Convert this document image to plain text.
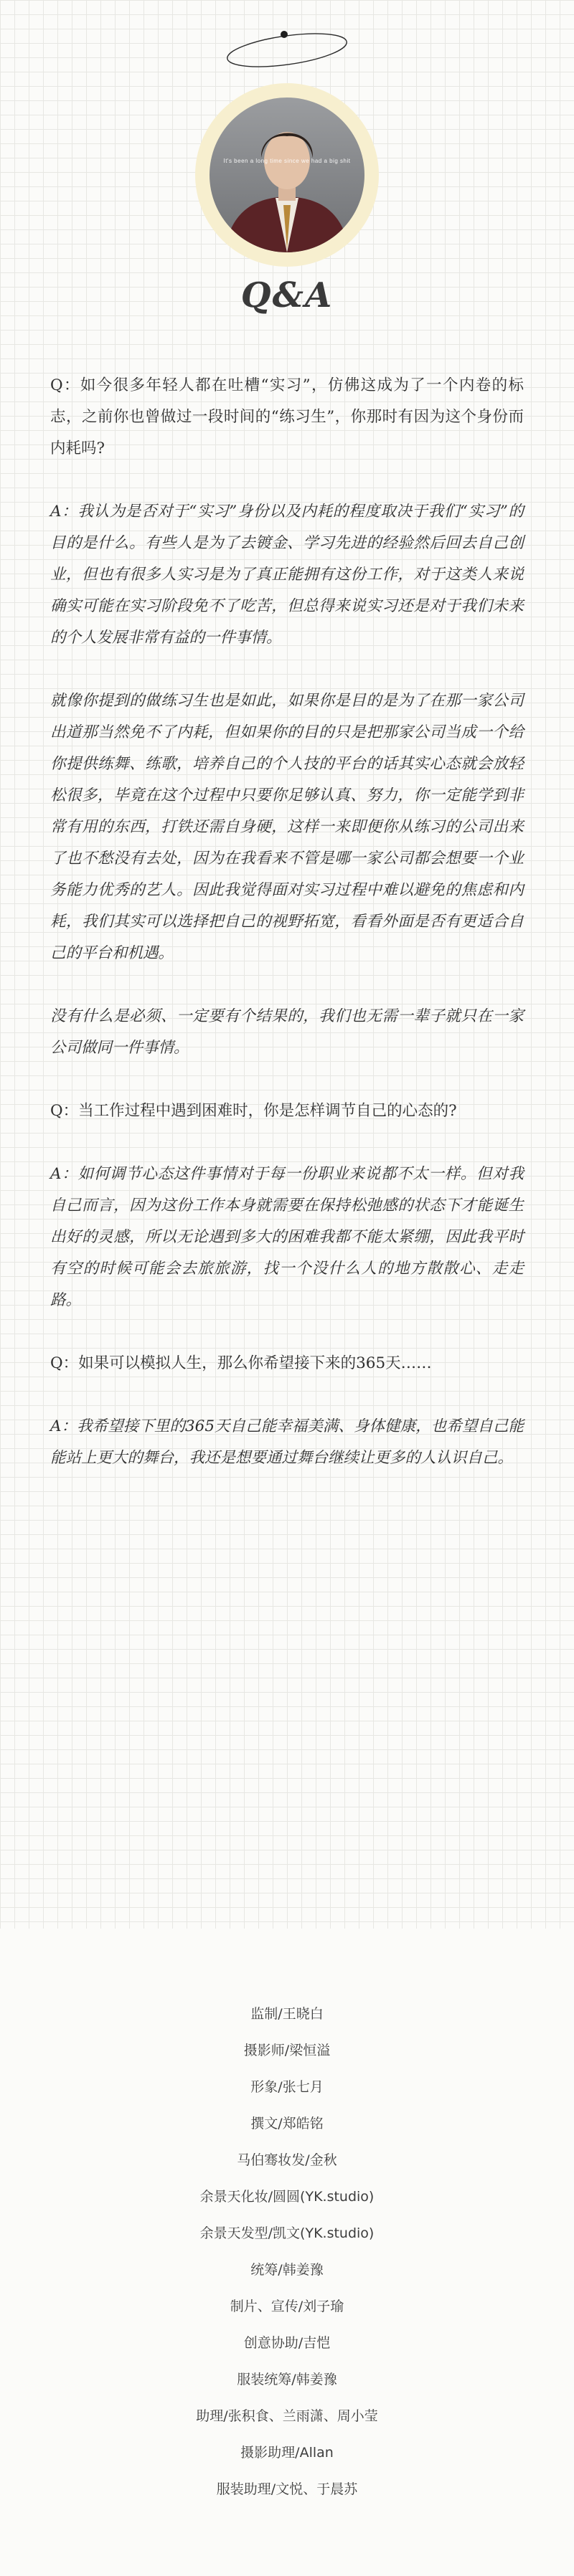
It's been a long time since we had a big shit
Q&A

Q：如今很多年轻人都在吐槽“实习”，仿佛这成为了一个内卷的标志，之前你也曾做过一段时间的“练习生”，你那时有因为这个身份而内耗吗?

A：我认为是否对于“实习”身份以及内耗的程度取决于我们“实习”的目的是什么。有些人是为了去镀金、学习先进的经验然后回去自己创业，但也有很多人实习是为了真正能拥有这份工作，对于这类人来说确实可能在实习阶段免不了吃苦，但总得来说实习还是对于我们未来的个人发展非常有益的一件事情。

就像你提到的做练习生也是如此，如果你是目的是为了在那一家公司出道那当然免不了内耗，但如果你的目的只是把那家公司当成一个给你提供练舞、练歌，培养自己的个人技的平台的话其实心态就会放轻松很多，毕竟在这个过程中只要你足够认真、努力，你一定能学到非常有用的东西，打铁还需自身硬，这样一来即便你从练习的公司出来了也不愁没有去处，因为在我看来不管是哪一家公司都会想要一个业务能力优秀的艺人。因此我觉得面对实习过程中难以避免的焦虑和内耗，我们其实可以选择把自己的视野拓宽，看看外面是否有更适合自己的平台和机遇。

没有什么是必须、一定要有个结果的，我们也无需一辈子就只在一家公司做同一件事情。

Q：当工作过程中遇到困难时，你是怎样调节自己的心态的?

A：如何调节心态这件事情对于每一份职业来说都不太一样。但对我自己而言，因为这份工作本身就需要在保持松弛感的状态下才能诞生出好的灵感，所以无论遇到多大的困难我都不能太紧绷，因此我平时有空的时候可能会去旅旅游，找一个没什么人的地方散散心、走走路。

Q：如果可以模拟人生，那么你希望接下来的365天……

A：我希望接下里的365天自己能幸福美满、身体健康，也希望自己能能站上更大的舞台，我还是想要通过舞台继续让更多的人认识自己。

监制/王晓白
摄影师/梁恒溢
形象/张七月
撰文/郑皓铭
马伯骞妆发/金秋
余景天化妆/圆圆(YK.studio)
余景天发型/凯文(YK.studio)
统筹/韩姜豫
制片、宣传/刘子瑜
创意协助/吉恺
服装统筹/韩姜豫
助理/张积食、兰雨潇、周小莹
摄影助理/Allan
服装助理/文悦、于晨苏
